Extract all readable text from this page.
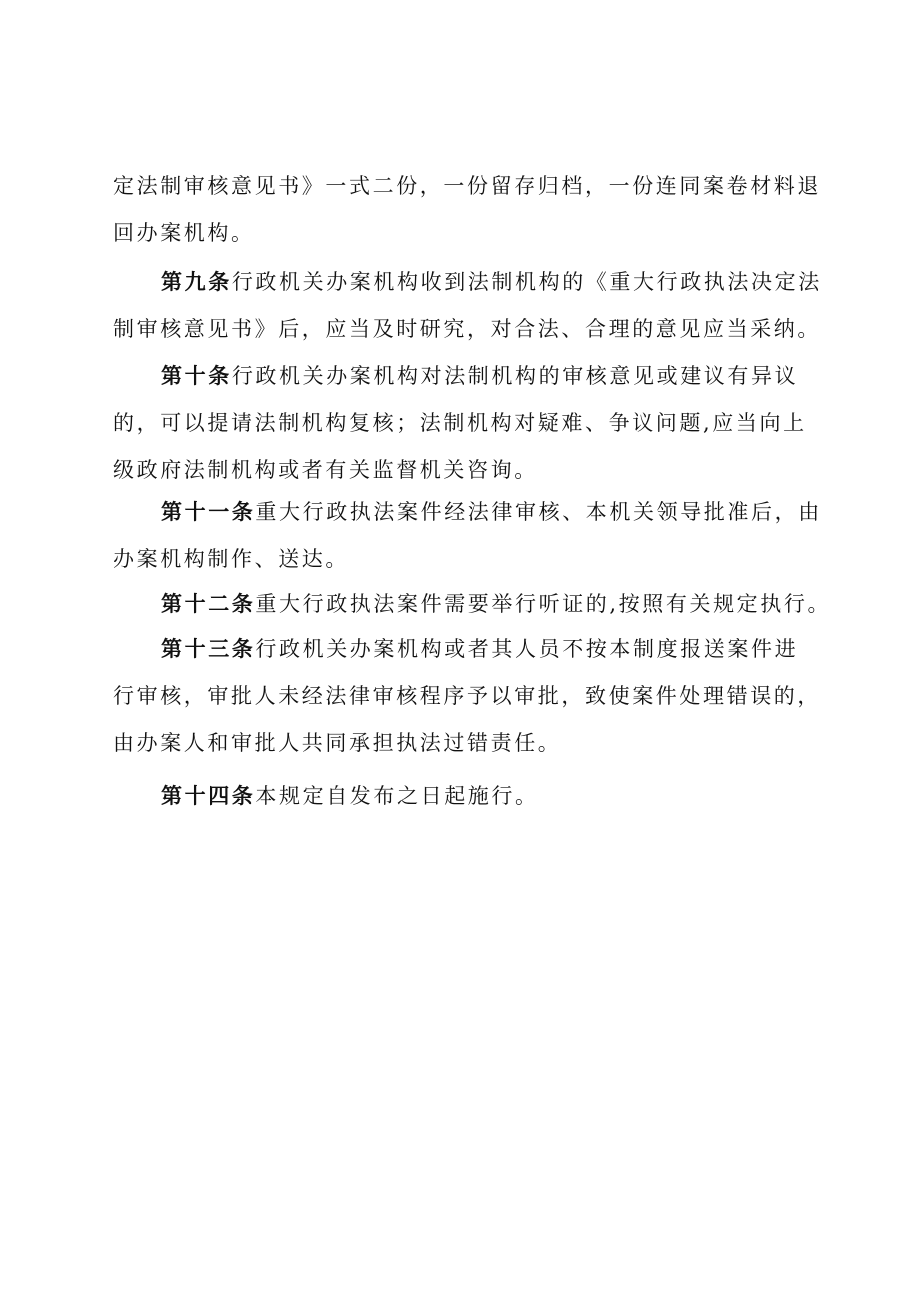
定法制审核意见书》一式二份，一份留存归档，一份连同案卷材料退
回办案机构。

第九条行政机关办案机构收到法制机构的《重大行政执法决定法
制审核意见书》后，应当及时研究，对合法、合理的意见应当采纳。

第十条行政机关办案机构对法制机构的审核意见或建议有异议
的，可以提请法制机构复核；法制机构对疑难、争议问题,应当向上
级政府法制机构或者有关监督机关咨询。

第十一条重大行政执法案件经法律审核、本机关领导批准后，由
办案机构制作、送达。

第十二条重大行政执法案件需要举行听证的,按照有关规定执行。

第十三条行政机关办案机构或者其人员不按本制度报送案件进
行审核，审批人未经法律审核程序予以审批，致使案件处理错误的，
由办案人和审批人共同承担执法过错责任。

第十四条本规定自发布之日起施行。
